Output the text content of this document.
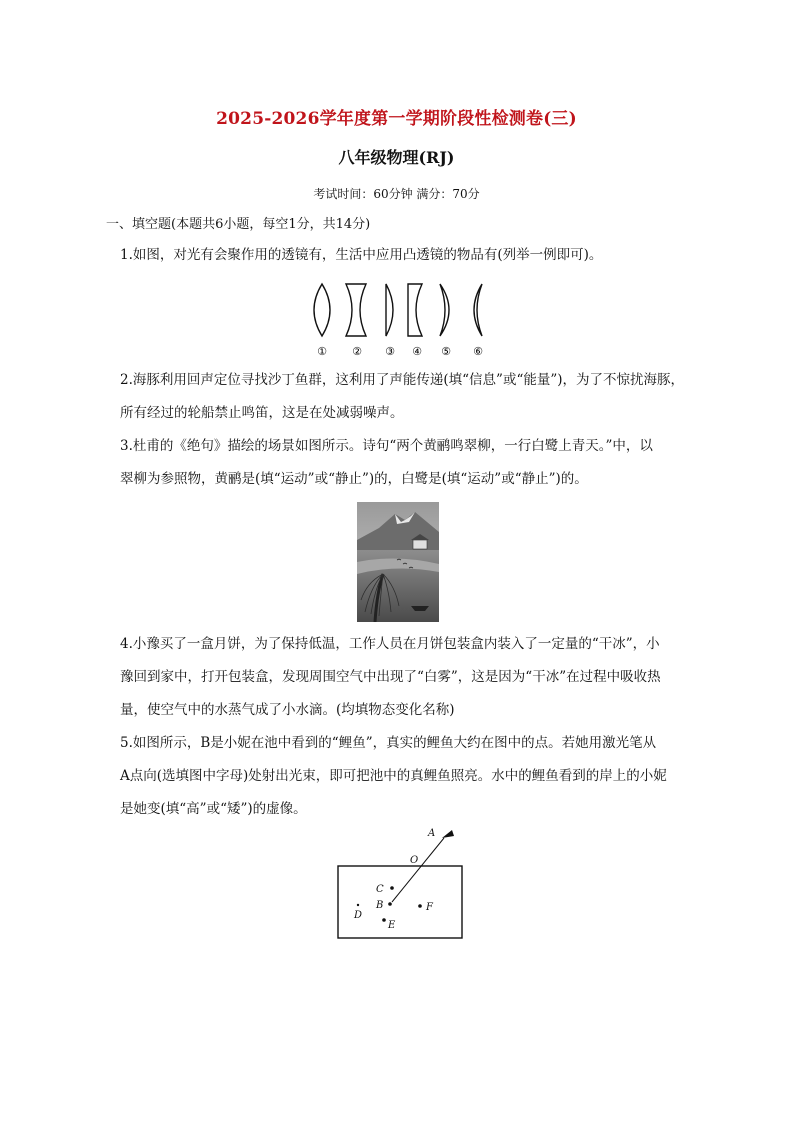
2025-2026学年度第一学期阶段性检测卷(三)
八年级物理(RJ)
考试时间：60分钟 满分：70分
一、填空题(本题共6小题，每空1分，共14分)
1.如图，对光有会聚作用的透镜有，生活中应用凸透镜的物品有(列举一例即可)。
① ② ③ ④ ⑤ ⑥
2.海豚利用回声定位寻找沙丁鱼群，这利用了声能传递(填“信息”或“能量”)，为了不惊扰海豚，
所有经过的轮船禁止鸣笛，这是在处减弱噪声。
3.杜甫的《绝句》描绘的场景如图所示。诗句“两个黄鹂鸣翠柳，一行白鹭上青天。”中，以
翠柳为参照物，黄鹂是(填“运动”或“静止”)的，白鹭是(填“运动”或“静止”)的。
4.小豫买了一盒月饼，为了保持低温，工作人员在月饼包装盒内装入了一定量的“干冰”，小
豫回到家中，打开包装盒，发现周围空气中出现了“白雾”，这是因为“干冰”在过程中吸收热
量，使空气中的水蒸气成了小水滴。(均填物态变化名称)
5.如图所示，B是小妮在池中看到的“鲤鱼”，真实的鲤鱼大约在图中的点。若她用激光笔从
A点向(选填图中字母)处射出光束，即可把池中的真鲤鱼照亮。水中的鲤鱼看到的岸上的小妮
是她变(填“高”或“矮”)的虚像。
A
O
C
B
D
E
F
